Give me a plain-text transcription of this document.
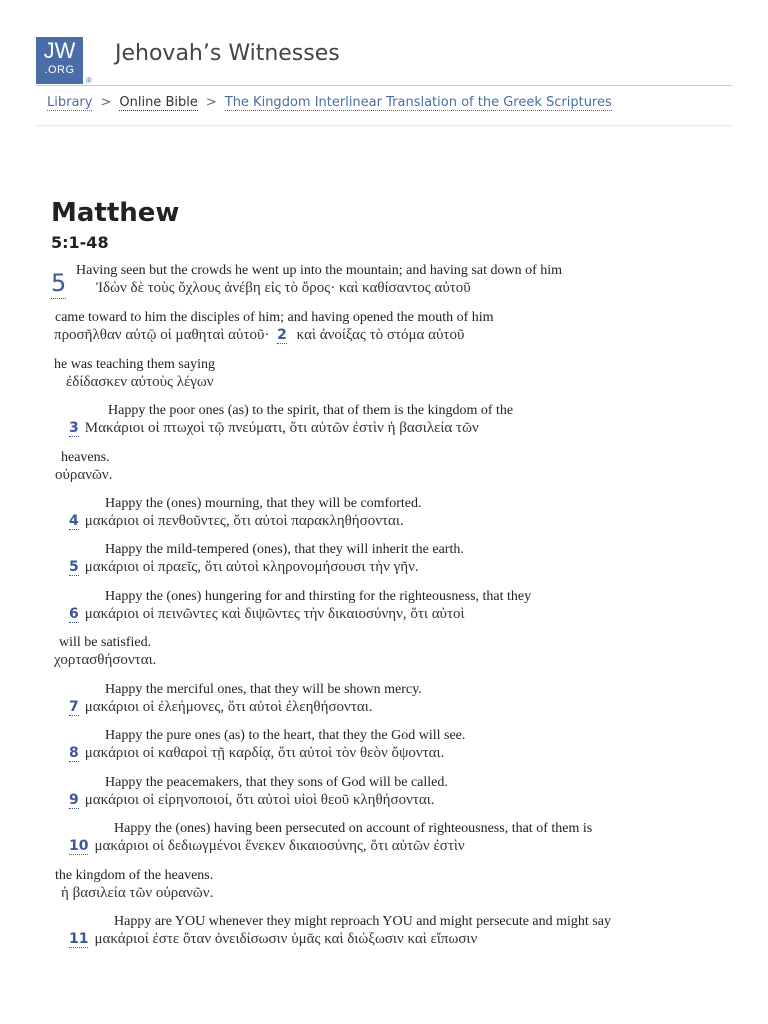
JW
.ORG
®
Jehovah’s Witnesses
Library > Online Bible > The Kingdom Interlinear Translation of the Greek Scriptures
Matthew
5:1-48
5 Having seen but the crowds he went up into the mountain; and having sat down of him
Ἰδὼν δὲ τοὺς ὄχλους ἀνέβη εἰς τὸ ὄρος· καὶ καθίσαντος αὐτοῦ
came toward to him the disciples of him; and having opened the mouth of him
προσῆλθαν αὐτῷ οἱ μαθηταὶ αὐτοῦ· 2 καὶ ἀνοίξας τὸ στόμα αὐτοῦ
he was teaching them saying
ἐδίδασκεν αὐτοὺς λέγων
Happy the poor ones (as) to the spirit, that of them is the kingdom of the
3 Μακάριοι οἱ πτωχοὶ τῷ πνεύματι, ὅτι αὐτῶν ἐστὶν ἡ βασιλεία τῶν
heavens.
οὐρανῶν.
Happy the (ones) mourning, that they will be comforted.
4 μακάριοι οἱ πενθοῦντες, ὅτι αὐτοὶ παρακληθήσονται.
Happy the mild-tempered (ones), that they will inherit the earth.
5 μακάριοι οἱ πραεῖς, ὅτι αὐτοὶ κληρονομήσουσι τὴν γῆν.
Happy the (ones) hungering for and thirsting for the righteousness, that they
6 μακάριοι οἱ πεινῶντες καὶ διψῶντες τὴν δικαιοσύνην, ὅτι αὐτοὶ
will be satisfied.
χορτασθήσονται.
Happy the merciful ones, that they will be shown mercy.
7 μακάριοι οἱ ἐλεήμονες, ὅτι αὐτοὶ ἐλεηθήσονται.
Happy the pure ones (as) to the heart, that they the God will see.
8 μακάριοι οἱ καθαροὶ τῇ καρδίᾳ, ὅτι αὐτοὶ τὸν θεὸν ὄψονται.
Happy the peacemakers, that they sons of God will be called.
9 μακάριοι οἱ εἰρηνοποιοί, ὅτι αὐτοὶ υἱοὶ θεοῦ κληθήσονται.
Happy the (ones) having been persecuted on account of righteousness, that of them is
10 μακάριοι οἱ δεδιωγμένοι ἕνεκεν δικαιοσύνης, ὅτι αὐτῶν ἐστὶν
the kingdom of the heavens.
ἡ βασιλεία τῶν οὐρανῶν.
Happy are YOU whenever they might reproach YOU and might persecute and might say
11 μακάριοί ἐστε ὅταν ὀνειδίσωσιν ὑμᾶς καὶ διώξωσιν καὶ εἴπωσιν
